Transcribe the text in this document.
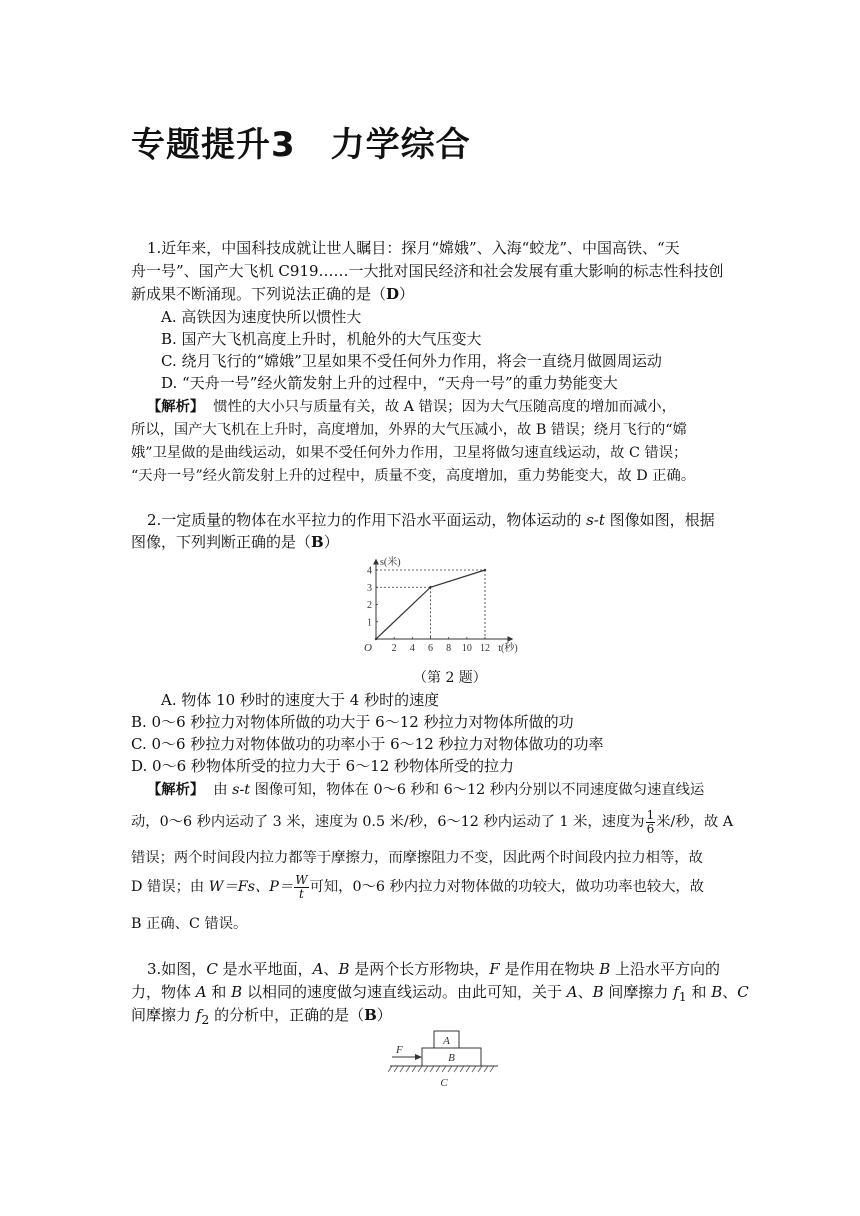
专题提升3　力学综合
1.近年来，中国科技成就让世人瞩目：探月“嫦娥”、入海“蛟龙”、中国高铁、“天
舟一号”、国产大飞机 C919……一大批对国民经济和社会发展有重大影响的标志性科技创
新成果不断涌现。下列说法正确的是（D）
A. 高铁因为速度快所以惯性大
B. 国产大飞机高度上升时，机舱外的大气压变大
C. 绕月飞行的“嫦娥”卫星如果不受任何外力作用，将会一直绕月做圆周运动
D. “天舟一号”经火箭发射上升的过程中，“天舟一号”的重力势能变大
【解析】 惯性的大小只与质量有关，故 A 错误；因为大气压随高度的增加而减小，
所以，国产大飞机在上升时，高度增加，外界的大气压减小，故 B 错误；绕月飞行的“嫦
娥”卫星做的是曲线运动，如果不受任何外力作用，卫星将做匀速直线运动，故 C 错误；
“天舟一号”经火箭发射上升的过程中，质量不变，高度增加，重力势能变大，故 D 正确。
2.一定质量的物体在水平拉力的作用下沿水平面运动，物体运动的 s-t 图像如图，根据
图像，下列判断正确的是（B）
2 4 6 8 10 12
1
2
3
4
O
s(米)
t(秒)
（第 2 题）
A. 物体 10 秒时的速度大于 4 秒时的速度
B. 0～6 秒拉力对物体所做的功大于 6～12 秒拉力对物体所做的功
C. 0～6 秒拉力对物体做功的功率小于 6～12 秒拉力对物体做功的功率
D. 0～6 秒物体所受的拉力大于 6～12 秒物体所受的拉力
【解析】 由 s-t 图像可知，物体在 0～6 秒和 6～12 秒内分别以不同速度做匀速直线运
动，0～6 秒内运动了 3 米，速度为 0.5 米/秒，6～12 秒内运动了 1 米，速度为 $\frac{1}{6}$ 米/秒，故 A
错误；两个时间段内拉力都等于摩擦力，而摩擦阻力不变，因此两个时间段内拉力相等，故
D 错误；由 W＝Fs、$P= \frac{W}{t}$ 可知，0～6 秒内拉力对物体做的功较大，做功功率也较大，故
B 正确、C 错误。
3.如图，C 是水平地面，A、B 是两个长方形物块，F 是作用在物块 B 上沿水平方向的
力，物体 A 和 B 以相同的速度做匀速直线运动。由此可知，关于 A、B 间摩擦力 $f_1$ 和 B、C
间摩擦力 $f_2$ 的分析中，正确的是（B）
A
B
F
C
